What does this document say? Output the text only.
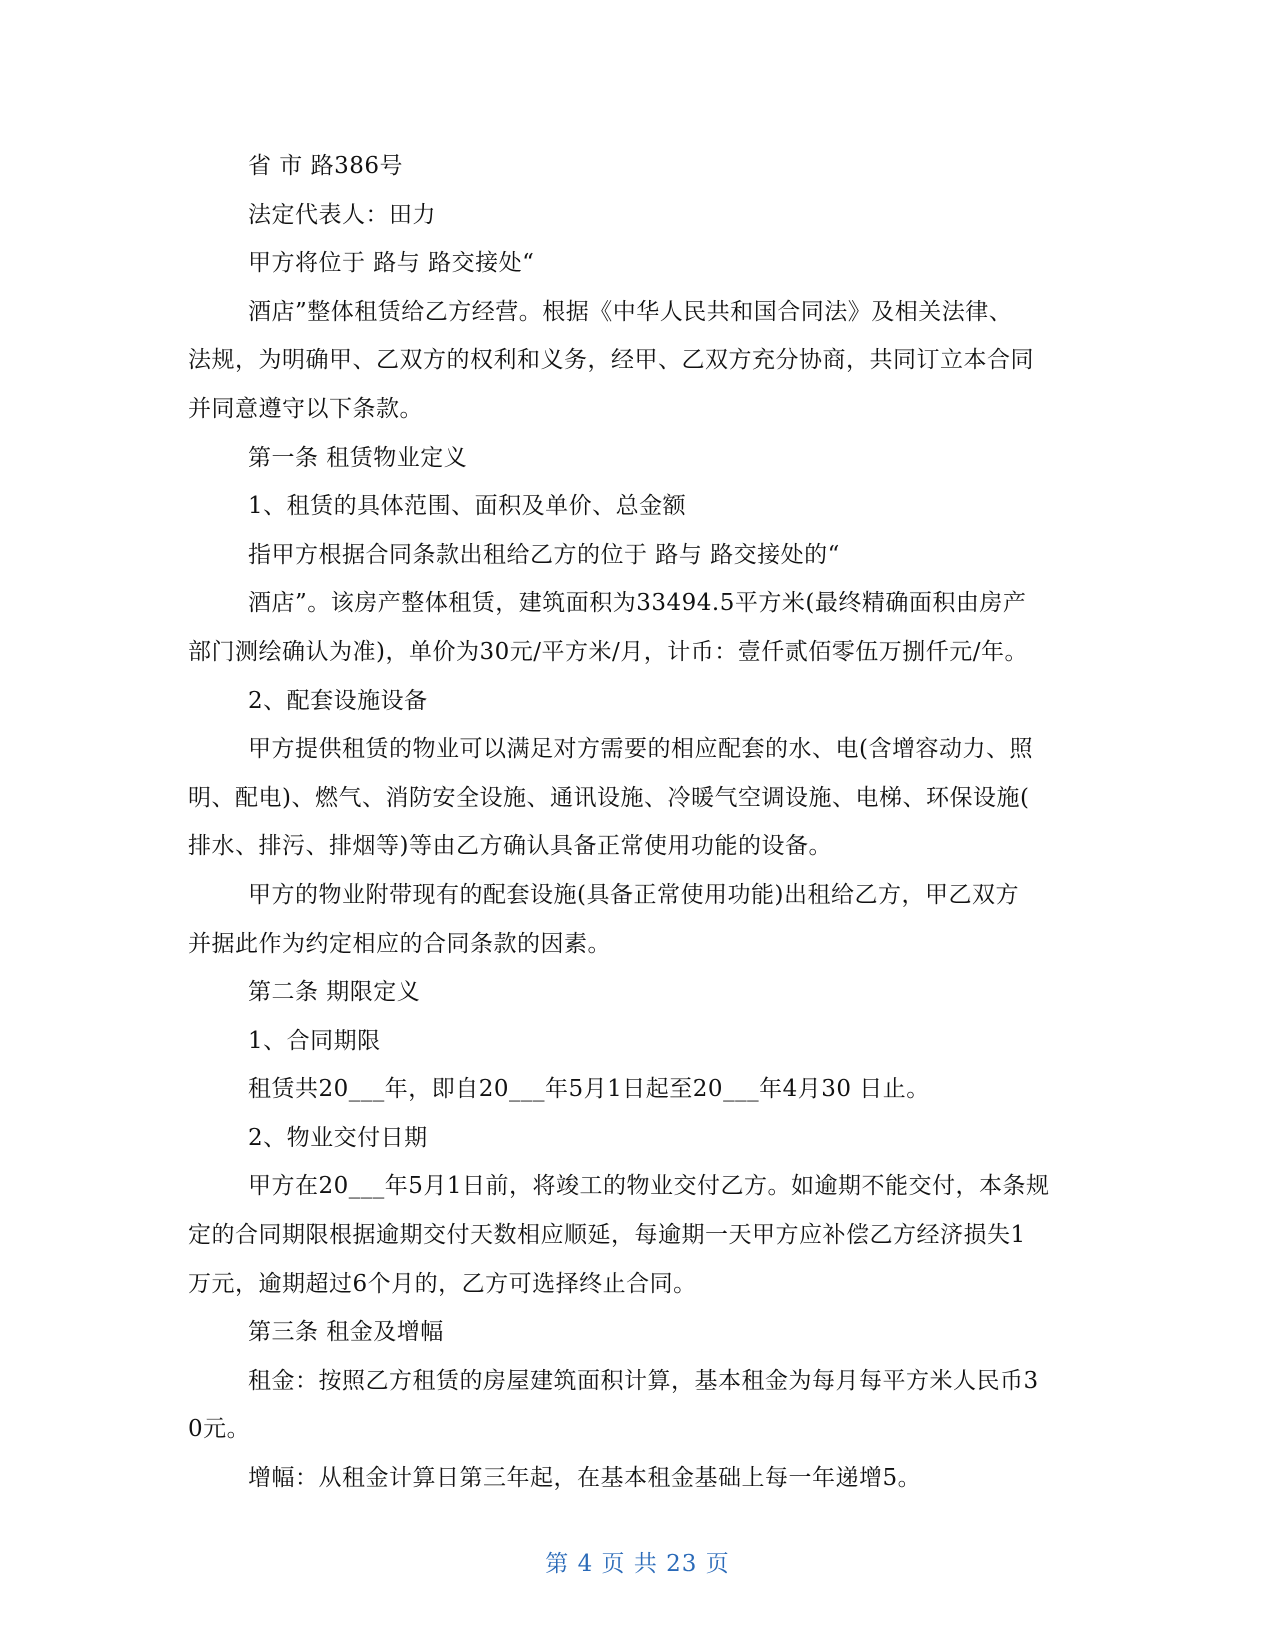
省 市 路386号
法定代表人：田力
甲方将位于 路与 路交接处“
酒店”整体租赁给乙方经营。根据《中华人民共和国合同法》及相关法律、
法规，为明确甲、乙双方的权利和义务，经甲、乙双方充分协商，共同订立本合同
并同意遵守以下条款。
第一条 租赁物业定义
1、租赁的具体范围、面积及单价、总金额
指甲方根据合同条款出租给乙方的位于 路与 路交接处的“
酒店”。该房产整体租赁，建筑面积为33494.5平方米(最终精确面积由房产
部门测绘确认为准)，单价为30元/平方米/月，计币：壹仟贰佰零伍万捌仟元/年。
2、配套设施设备
甲方提供租赁的物业可以满足对方需要的相应配套的水、电(含增容动力、照
明、配电)、燃气、消防安全设施、通讯设施、冷暖气空调设施、电梯、环保设施(
排水、排污、排烟等)等由乙方确认具备正常使用功能的设备。
甲方的物业附带现有的配套设施(具备正常使用功能)出租给乙方，甲乙双方
并据此作为约定相应的合同条款的因素。
第二条 期限定义
1、合同期限
租赁共20___年，即自20___年5月1日起至20___年4月30 日止。
2、物业交付日期
甲方在20___年5月1日前，将竣工的物业交付乙方。如逾期不能交付，本条规
定的合同期限根据逾期交付天数相应顺延，每逾期一天甲方应补偿乙方经济损失1
万元，逾期超过6个月的，乙方可选择终止合同。
第三条 租金及增幅
租金：按照乙方租赁的房屋建筑面积计算，基本租金为每月每平方米人民币3
0元。
增幅：从租金计算日第三年起，在基本租金基础上每一年递增5。
第 4 页 共 23 页
